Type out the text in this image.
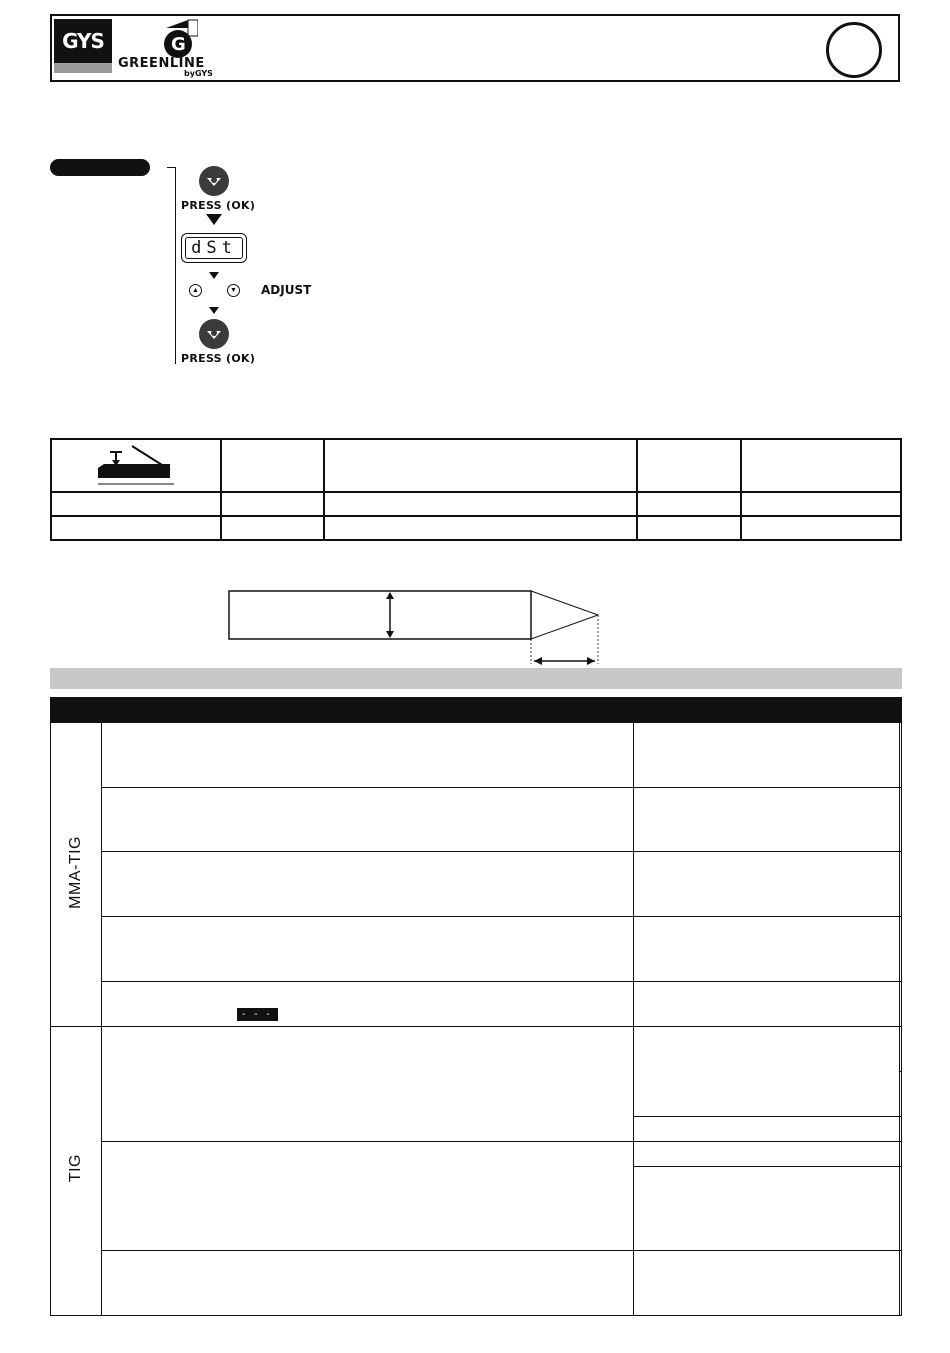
GYS	G
GREENLINE
byGYS
PRESS (OK)
dSt
▲	▼ ADJUST
PRESS (OK)

MMA-TIG			

	- - -		

TIG			
